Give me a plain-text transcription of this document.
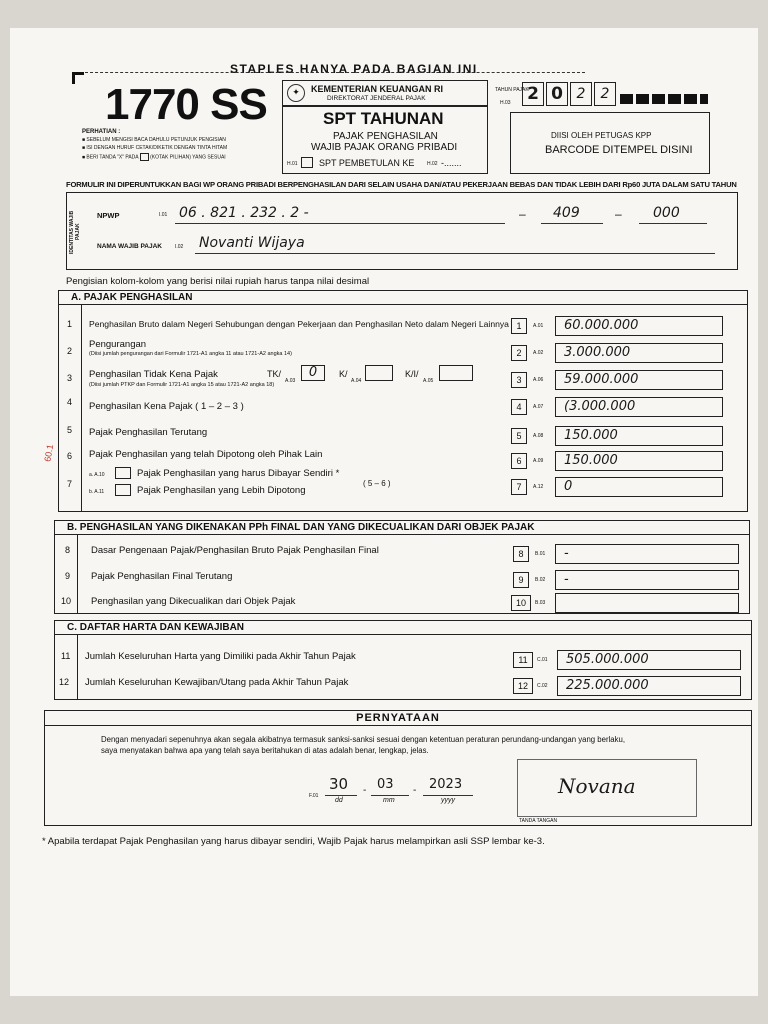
STAPLES HANYA PADA BAGIAN INI
1770 SS
PERHATIAN :
■ SEBELUM MENGISI BACA DAHULU PETUNJUK PENGISIAN
■ ISI DENGAN HURUF CETAK/DIKETIK DENGAN TINTA HITAM
■ BERI TANDA "X" PADA (KOTAK PILIHAN) YANG SESUAI
✦	KEMENTERIAN KEUANGAN RI
DIREKTORAT JENDERAL PAJAK
SPT TAHUNAN
PAJAK PENGHASILAN
WAJIB PAJAK ORANG PRIBADI
H.01 SPT PEMBETULAN KE	H.02 -.......
TAHUN PAJAK
H.03 2 0 2	2
DIISI OLEH PETUGAS KPP
BARCODE DITEMPEL DISINI
FORMULIR INI DIPERUNTUKKAN BAGI WP ORANG PRIBADI BERPENGHASILAN DARI SELAIN USAHA DAN/ATAU PEKERJAAN BEBAS DAN TIDAK LEBIH DARI Rp60 JUTA DALAM SATU TAHUN
IDENTITAS WAJIB PAJAK
NPWP	I.01 06 . 821 . 232 . 2 -	– 409	– 000
NAMA WAJIB PAJAK	I.02 Novanti Wijaya
Pengisian kolom-kolom yang berisi nilai rupiah harus tanpa nilai desimal
A. PAJAK PENGHASILAN
1 Penghasilan Bruto dalam Negeri Sehubungan dengan Pekerjaan dan Penghasilan Neto dalam Negeri Lainnya 1	A.01	60.000.000
2
Pengurangan
(Diisi jumlah pengurangan dari Formulir 1721-A1 angka 11 atau 1721-A2 angka 14)	2	A.02	3.000.000
3 Penghasilan Tidak Kena Pajak
(Diisi jumlah PTKP dan Formulir 1721-A1 angka 15 atau 1721-A2 angka 18)
TK/
A.03
0	K/
A.04
K/I/
A.05	3	A.06	59.000.000
4 Penghasilan Kena Pajak ( 1 – 2 – 3 )	4	A.07	(3.000.000
5 Pajak Penghasilan Terutang	5	A.08	150.000
6 Pajak Penghasilan yang telah Dipotong oleh Pihak Lain
6	A.09	150.000
7
a. A.10	Pajak Penghasilan yang harus Dibayar Sendiri *
b. A.11	Pajak Penghasilan yang Lebih Dipotong
( 5 – 6 )	7	A.12	0
60.1
B. PENGHASILAN YANG DIKENAKAN PPh FINAL DAN YANG DIKECUALIKAN DARI OBJEK PAJAK
8 Dasar Pengenaan Pajak/Penghasilan Bruto Pajak Penghasilan Final	8	B.01	-
9 Pajak Penghasilan Final Terutang	9	B.02	-
10 Penghasilan yang Dikecualikan dari Objek Pajak	10	B.03
C. DAFTAR HARTA DAN KEWAJIBAN
11 Jumlah Keseluruhan Harta yang Dimiliki pada Akhir Tahun Pajak	11	C.01	505.000.000
12 Jumlah Keseluruhan Kewajiban/Utang pada Akhir Tahun Pajak	12	C.02	225.000.000
PERNYATAAN
Dengan menyadari sepenuhnya akan segala akibatnya termasuk sanksi-sanksi sesuai dengan ketentuan peraturan perundang-undangan yang berlaku,
saya menyatakan bahwa apa yang telah saya beritahukan di atas adalah benar, lengkap, jelas.
F.01
30
dd
- 03
mm
- 2023
yyyy
Novana
TANDA TANGAN
* Apabila terdapat Pajak Penghasilan yang harus dibayar sendiri, Wajib Pajak harus melampirkan asli SSP lembar ke-3.
